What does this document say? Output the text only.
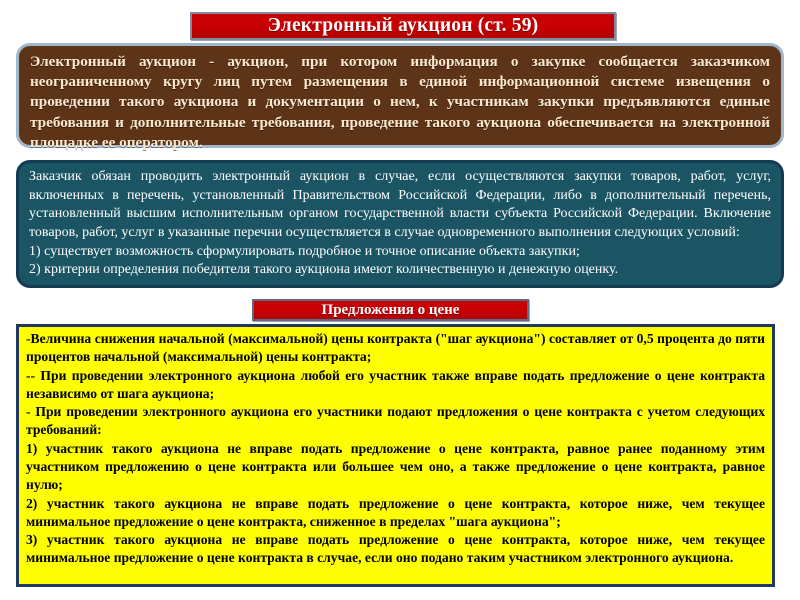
Электронный аукцион (ст. 59)

Электронный аукцион - аукцион, при котором информация о закупке сообщается заказчиком неограниченному кругу лиц путем размещения в единой информационной системе извещения о проведении такого аукциона и документации о нем, к участникам закупки предъявляются единые требования и дополнительные требования, проведение такого аукциона обеспечивается на электронной площадке ее оператором.

Заказчик обязан проводить электронный аукцион в случае, если осуществляются закупки товаров, работ, услуг, включенных в перечень, установленный Правительством Российской Федерации, либо в дополнительный перечень, установленный высшим исполнительным органом государственной власти субъекта Российской Федерации. Включение товаров, работ, услуг в указанные перечни осуществляется в случае одновременного выполнения следующих условий:

1) существует возможность сформулировать подробное и точное описание объекта закупки;

2) критерии определения победителя такого аукциона имеют количественную и денежную оценку.

Предложения о цене

-Величина снижения начальной (максимальной) цены контракта ("шаг аукциона") составляет от 0,5 процента до пяти процентов начальной (максимальной) цены контракта;

-- При проведении электронного аукциона любой его участник также вправе подать предложение о цене контракта независимо от шага аукциона;

- При проведении электронного аукциона его участники подают предложения о цене контракта с учетом следующих требований:

1) участник такого аукциона не вправе подать предложение о цене контракта, равное ранее поданному этим участником предложению о цене контракта или большее чем оно, а также предложение о цене контракта, равное нулю;

2) участник такого аукциона не вправе подать предложение о цене контракта, которое ниже, чем текущее минимальное предложение о цене контракта, сниженное в пределах "шага аукциона";

3) участник такого аукциона не вправе подать предложение о цене контракта, которое ниже, чем текущее минимальное предложение о цене контракта в случае, если оно подано таким участником электронного аукциона.
